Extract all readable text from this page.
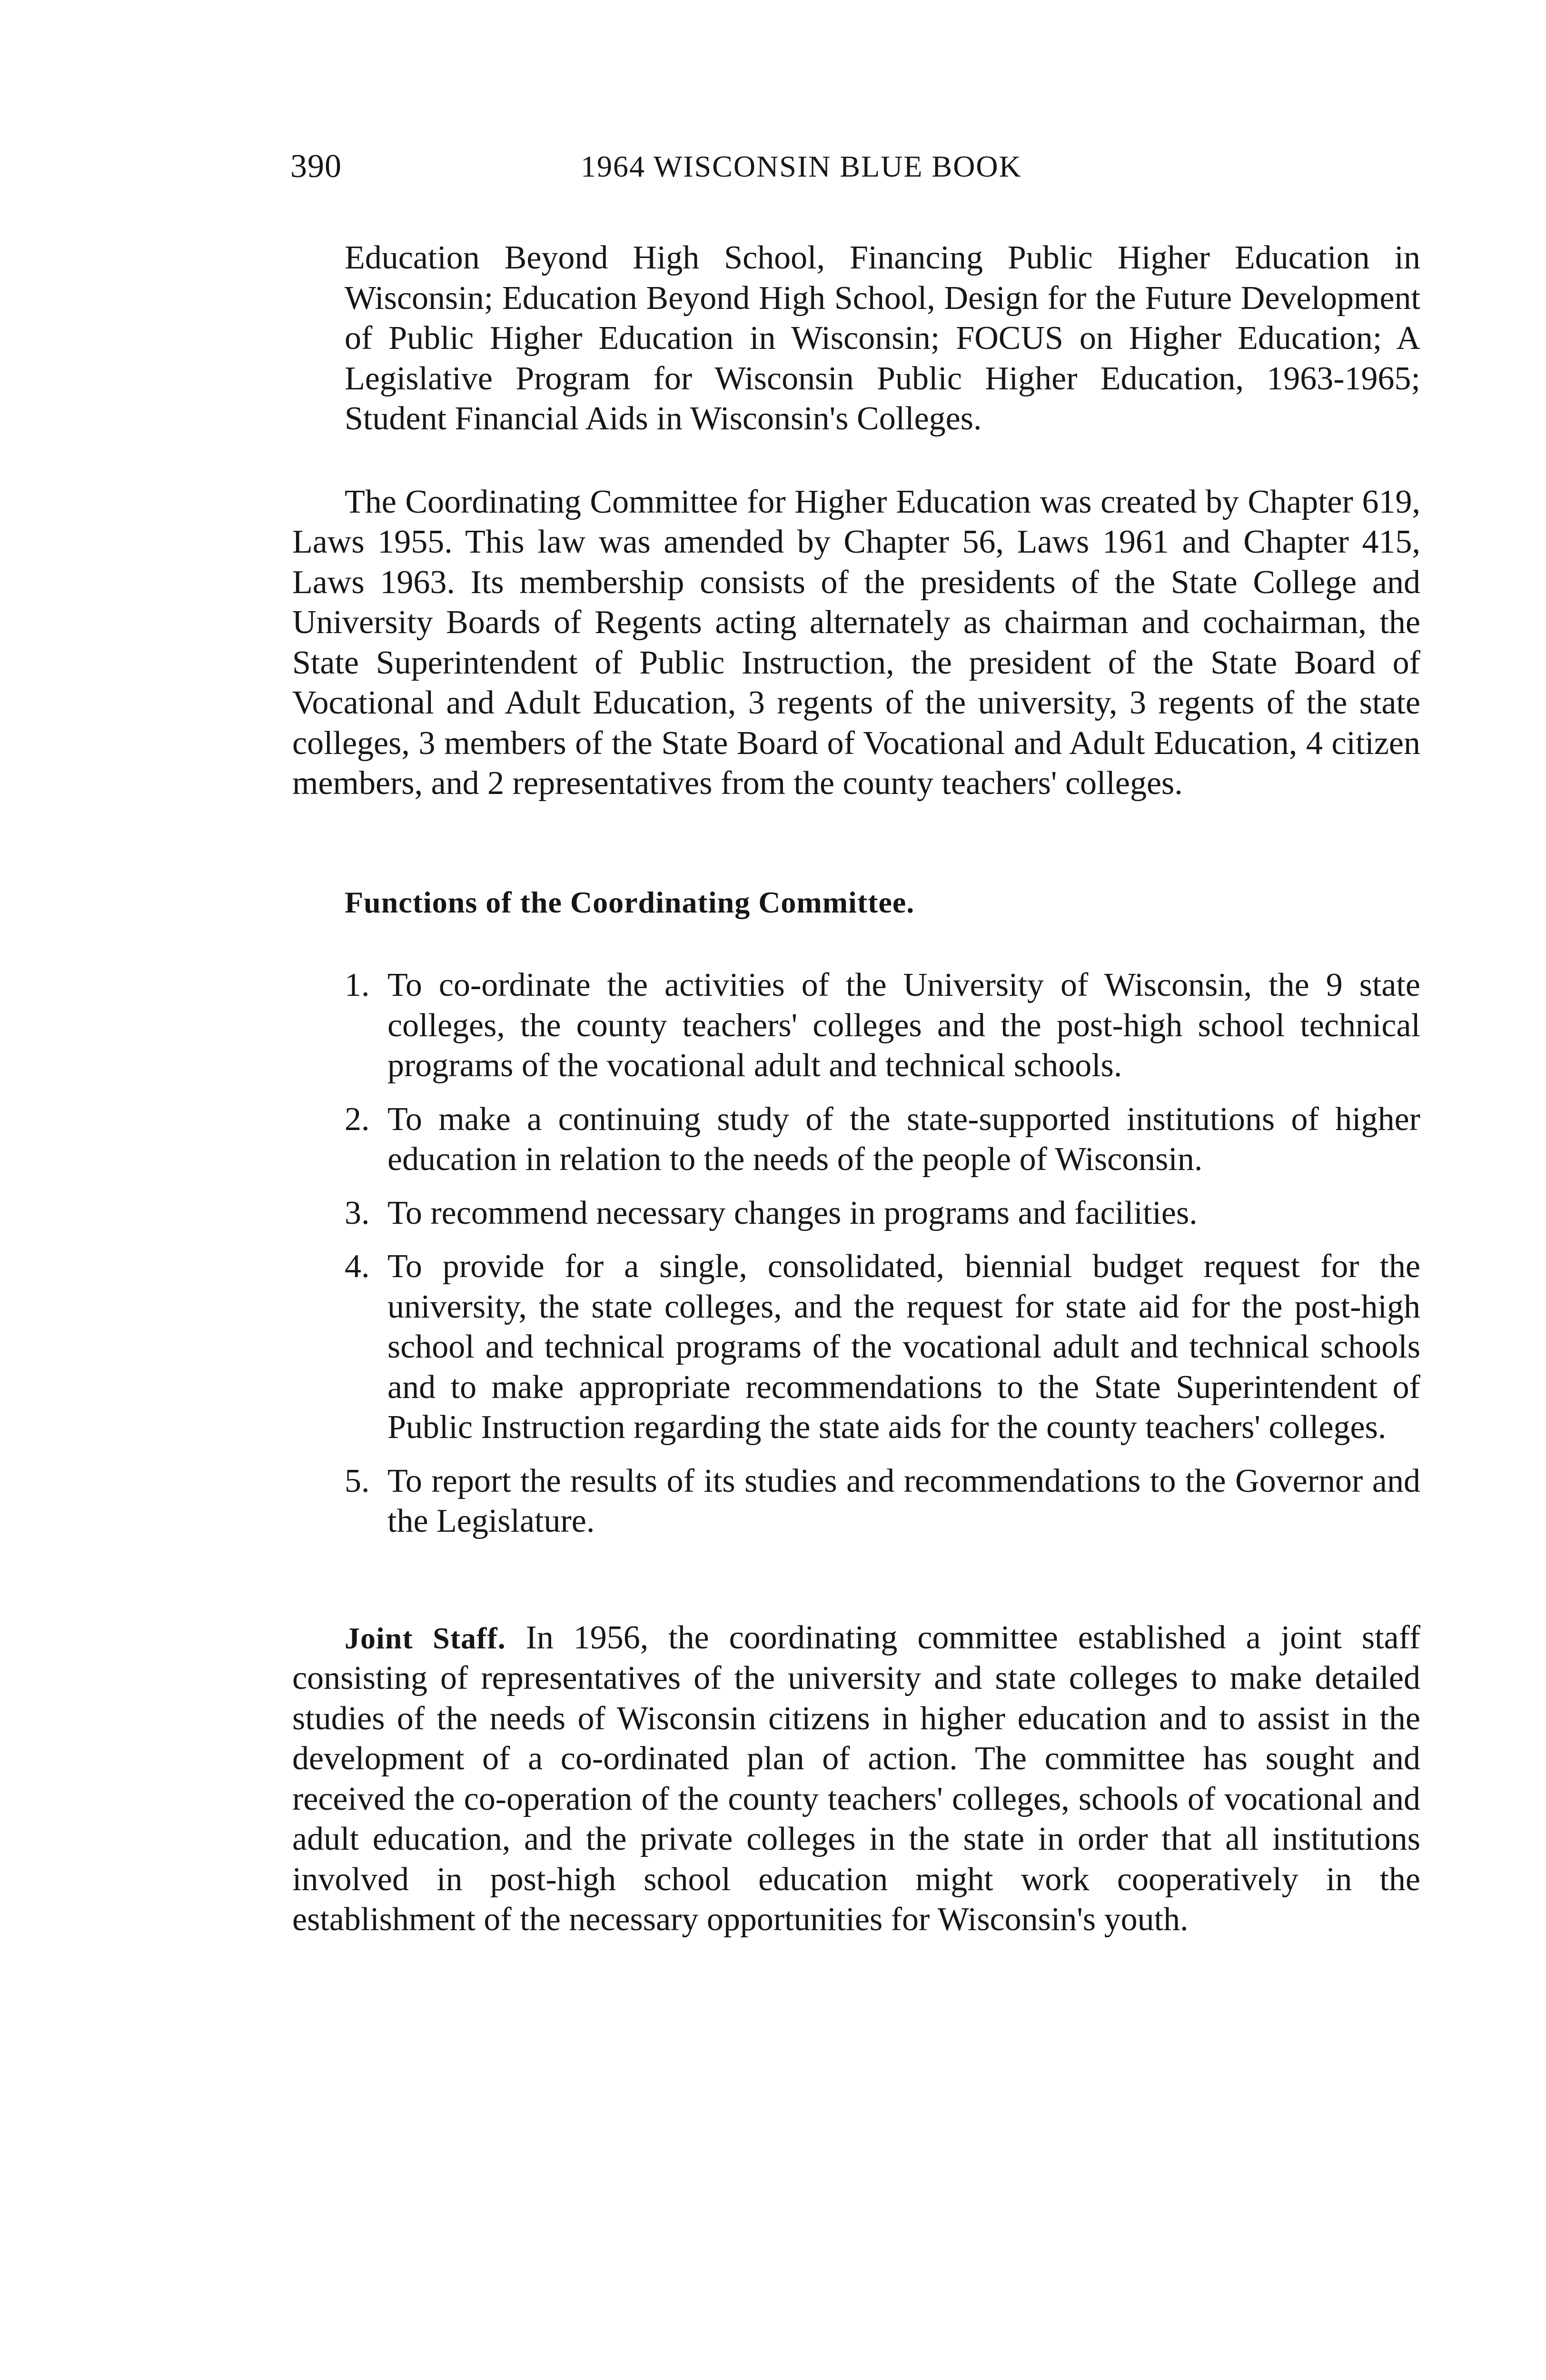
390	1964 WISCONSIN BLUE BOOK

Education Beyond High School, Financing Public Higher Education in Wisconsin; Education Beyond High School, Design for the Future Development of Public Higher Education in Wisconsin; FOCUS on Higher Education; A Legislative Program for Wisconsin Public Higher Education, 1963-1965; Student Financial Aids in Wisconsin's Colleges.

The Coordinating Committee for Higher Education was created by Chapter 619, Laws 1955. This law was amended by Chapter 56, Laws 1961 and Chapter 415, Laws 1963. Its membership consists of the presidents of the State College and University Boards of Regents acting alternately as chairman and cochairman, the State Superintendent of Public Instruction, the president of the State Board of Vocational and Adult Education, 3 regents of the university, 3 regents of the state colleges, 3 members of the State Board of Vocational and Adult Education, 4 citizen members, and 2 representatives from the county teachers' colleges.

Functions of the Coordinating Committee.

1. To co-ordinate the activities of the University of Wisconsin, the 9 state colleges, the county teachers' colleges and the post-high school technical programs of the vocational adult and technical schools.
2. To make a continuing study of the state-supported institutions of higher education in relation to the needs of the people of Wisconsin.
3. To recommend necessary changes in programs and facilities.
4. To provide for a single, consolidated, biennial budget request for the university, the state colleges, and the request for state aid for the post-high school and technical programs of the vocational adult and technical schools and to make appropriate recommendations to the State Superintendent of Public Instruction regarding the state aids for the county teachers' colleges.
5. To report the results of its studies and recommendations to the Governor and the Legislature.

Joint Staff. In 1956, the coordinating committee established a joint staff consisting of representatives of the university and state colleges to make detailed studies of the needs of Wisconsin citizens in higher education and to assist in the development of a co-ordinated plan of action. The committee has sought and received the co-operation of the county teachers' colleges, schools of vocational and adult education, and the private colleges in the state in order that all institutions involved in post-high school education might work cooperatively in the establishment of the necessary opportunities for Wisconsin's youth.
